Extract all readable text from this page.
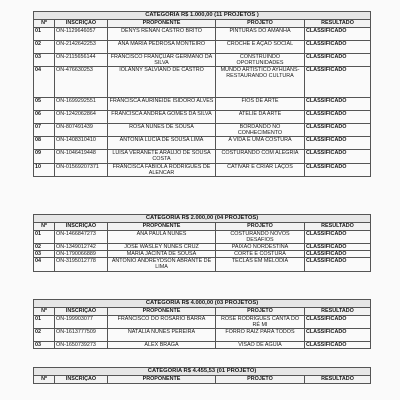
CATEGORIA R$ 1.000,00 (11 PROJETOS )				
Nº	INSCRIÇÃO	PROPONENTE	PROJETO	RESULTADO
01	ON-1129646057	DENYS RENAN CASTRO BRITO	PINTURAS DO AMANHÃ	CLASSIFICADO
02	ON-2142642253	ANA MARIA PEDROSA MONTEIRO	CROCHÊ E AÇÃO SOCIAL	CLASSIFICADO
03	ON-2115656144	FRANCISCO FRANÇUAR GERMANO DA SILVA	CONSTRUINDO OPORTUNIDADES	CLASSIFICADO
04	ON-476630253	IOLANNY SALVIANO DE CASTRO	MUNDO ARTISTICO AYHUANS- RESTAURANDO CULTURA	CLASSIFICADO
05	ON-1699292551	FRANCISCA AURINEIDE ISIDORO ALVES	FIOS DE ARTE	CLASSIFICADO
06	ON-1242062864	FRANCISCA ANDREA GOMES DA SILVA	ATELIÊ DA ARTE	CLASSIFICADO
07	ON-807491439	ROSA NUNES DE SOUSA	BORDANDO NO CONHECIMENTO	CLASSIFICADO
08	ON-1408310410	ANTONIA LUCIA DE SOUSA LIMA	A VIDA É UMA COSTURA	CLASSIFICADO
09	ON-1046419448	LUISA VERANETE ARAUJO DE SOUSA COSTA	COSTURANDO COM ALEGRIA	CLASSIFICADO
10	ON-01569207371	FRANCISCA FABIOLA RODRIGUES DE ALENCAR	CATIVAR É CRIAR LAÇOS	CLASSIFICADO
CATEGORIA R$ 2.000,00 (04 PROJETOS)				
Nº	INSCRIÇÃO	PROPONENTE	PROJETO	RESULTADO
01	ON-1466847273	ANA PAULA NUNES	COSTURANDO NOVOS DESAFIOS	CLASSIFICADO
02	ON-1349012742	JOSÉ WASLEY NUNES CRUZ	PAIXÃO NORDESTINA	CLASSIFICADO
03	ON-1790066889	MARIA JACINTA DE SOUSA	CORTE E COSTURA	CLASSIFICADO
04	ON-3195012778	ANTONIO ANDREYDSON ABRANTE DE LIMA	TECLAS EM MELODIA	CLASSIFICADO
CATEGORIA R$ 4.000,00 (03 PROJETOS)				
Nº	INSCRIÇÃO	PROPONENTE	PROJETO	RESULTADO
01	ON-199903077	FRANCISCO DO ROSÁRIO BARRA	ROSE RODRIGUES CANTA DO RÉ MI	CLASSIFICADO
02	ON-1613777509	NATÁLIA NUNES PEREIRA	FORRÓ RAIZ PARA TODOS	CLASSIFICADO
03	ON-1650739273	ALEX BRAGA	VISÃO DE AGUIA	CLASSIFICADO
CATEGORIA R$ 4.455,53 (01 PROJETO)
Nº	INSCRIÇÃO	PROPONENTE	PROJETO	RESULTADO
